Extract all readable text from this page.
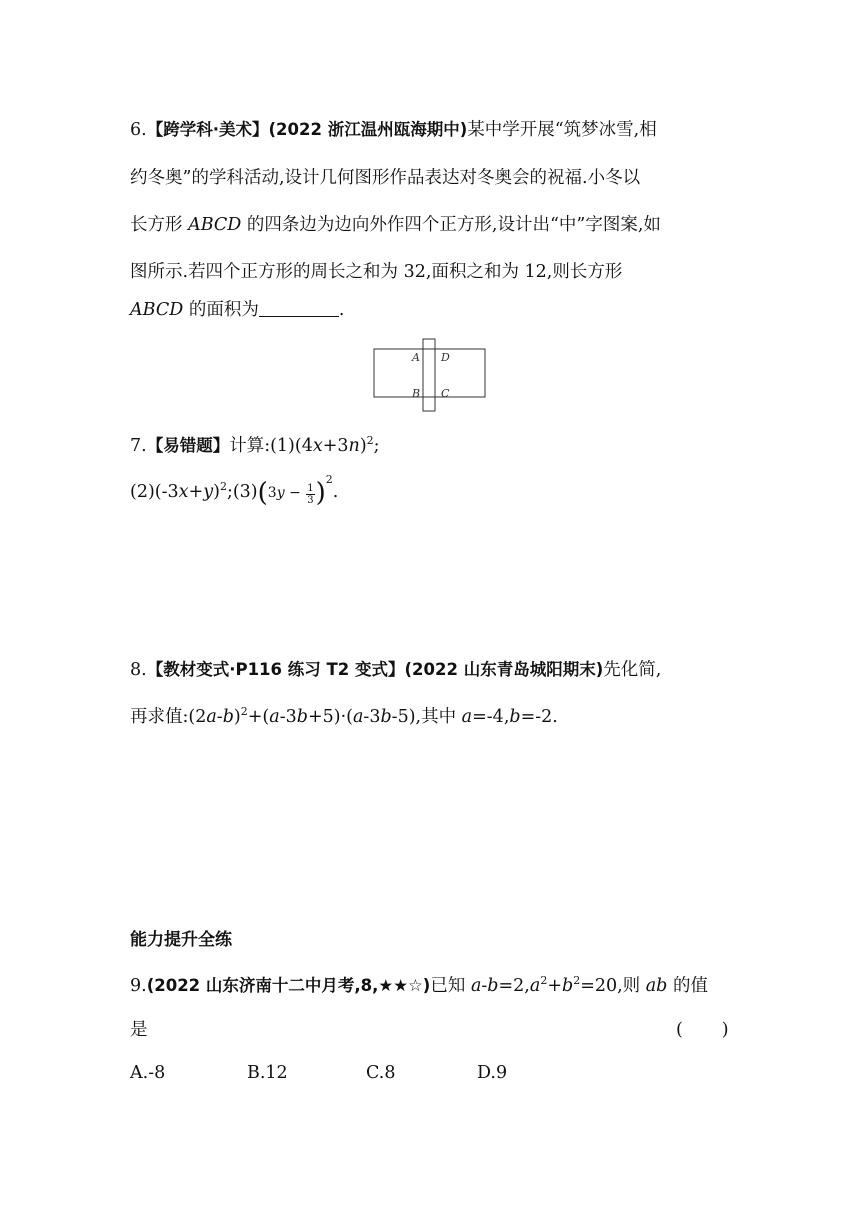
6.【跨学科·美术】(2022 浙江温州瓯海期中)某中学开展“筑梦冰雪,相
约冬奥”的学科活动,设计几何图形作品表达对冬奥会的祝福.小冬以
长方形 ABCD 的四条边为边向外作四个正方形,设计出“中”字图案,如
图所示.若四个正方形的周长之和为 32,面积之和为 12,则长方形
ABCD 的面积为	.
A D
B C
7.【易错题】计算$:(1)(4x+3n)^2$;
$(2)(-3x+y)^2;(3)(3y - \frac{1}{3} )^2$.
8.【教材变式·P116 练习 T2 变式】(2022 山东青岛城阳期末)先化简,
再求值$:(2a-b)^2+(a-3b+5)\cdot(a-3b-5)$,其中 a=-4,b=-2.
能力提升全练
9.(2022 山东济南十二中月考,8,★★☆)已知 $a-b=2,a^2+b^2=20$,则 ab 的值
是	(       )
A.-8	B.12	C.8	D.9
